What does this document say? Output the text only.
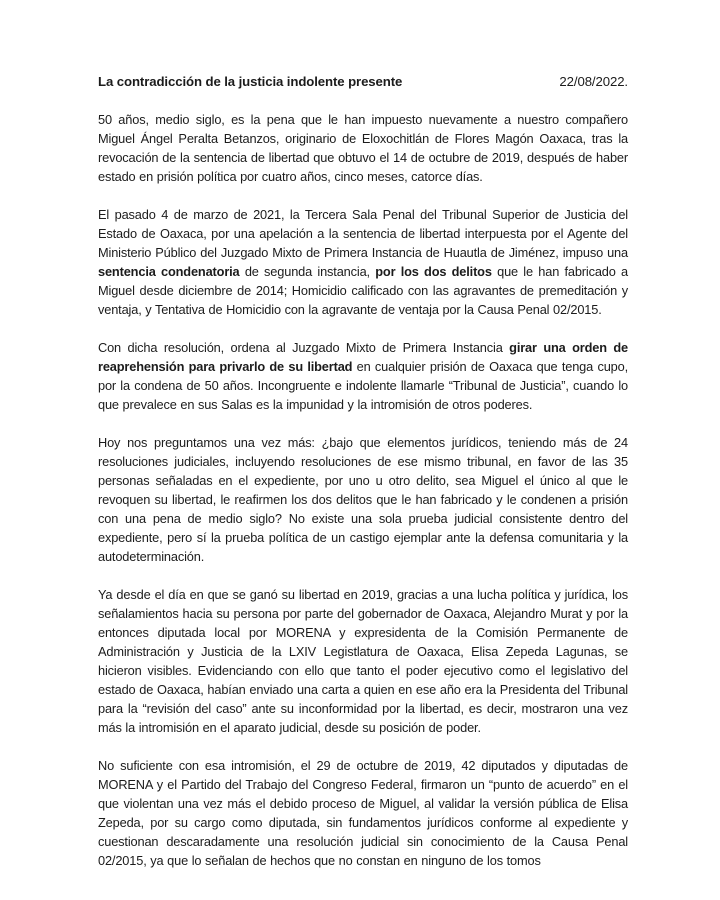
La contradicción de la justicia indolente presente	22/08/2022.

50 años, medio siglo, es la pena que le han impuesto nuevamente a nuestro compañero Miguel Ángel Peralta Betanzos, originario de Eloxochitlán de Flores Magón Oaxaca, tras la revocación de la sentencia de libertad que obtuvo el 14 de octubre de 2019, después de haber estado en prisión política por cuatro años, cinco meses, catorce días.

El pasado 4 de marzo de 2021, la Tercera Sala Penal del Tribunal Superior de Justicia del Estado de Oaxaca, por una apelación a la sentencia de libertad interpuesta por el Agente del Ministerio Público del Juzgado Mixto de Primera Instancia de Huautla de Jiménez, impuso una sentencia condenatoria de segunda instancia, por los dos delitos que le han fabricado a Miguel desde diciembre de 2014; Homicidio calificado con las agravantes de premeditación y ventaja, y Tentativa de Homicidio con la agravante de ventaja por la Causa Penal 02/2015.

Con dicha resolución, ordena al Juzgado Mixto de Primera Instancia girar una orden de reaprehensión para privarlo de su libertad en cualquier prisión de Oaxaca que tenga cupo, por la condena de 50 años. Incongruente e indolente llamarle “Tribunal de Justicia”, cuando lo que prevalece en sus Salas es la impunidad y la intromisión de otros poderes.

Hoy nos preguntamos una vez más: ¿bajo que elementos jurídicos, teniendo más de 24 resoluciones judiciales, incluyendo resoluciones de ese mismo tribunal, en favor de las 35 personas señaladas en el expediente, por uno u otro delito, sea Miguel el único al que le revoquen su libertad, le reafirmen los dos delitos que le han fabricado y le condenen a prisión con una pena de medio siglo? No existe una sola prueba judicial consistente dentro del expediente, pero sí la prueba política de un castigo ejemplar ante la defensa comunitaria y la autodeterminación.

Ya desde el día en que se ganó su libertad en 2019, gracias a una lucha política y jurídica, los señalamientos hacia su persona por parte del gobernador de Oaxaca, Alejandro Murat y por la entonces diputada local por MORENA y expresidenta de la Comisión Permanente de Administración y Justicia de la LXIV Legistlatura de Oaxaca, Elisa Zepeda Lagunas, se hicieron visibles. Evidenciando con ello que tanto el poder ejecutivo como el legislativo del estado de Oaxaca, habían enviado una carta a quien en ese año era la Presidenta del Tribunal para la “revisión del caso” ante su inconformidad por la libertad, es decir, mostraron una vez más la intromisión en el aparato judicial, desde su posición de poder.

No suficiente con esa intromisión, el 29 de octubre de 2019, 42 diputados y diputadas de MORENA y el Partido del Trabajo del Congreso Federal, firmaron un “punto de acuerdo” en el que violentan una vez más el debido proceso de Miguel, al validar la versión pública de Elisa Zepeda, por su cargo como diputada, sin fundamentos jurídicos conforme al expediente y cuestionan descaradamente una resolución judicial sin conocimiento de la Causa Penal 02/2015, ya que lo señalan de hechos que no constan en ninguno de los tomos
